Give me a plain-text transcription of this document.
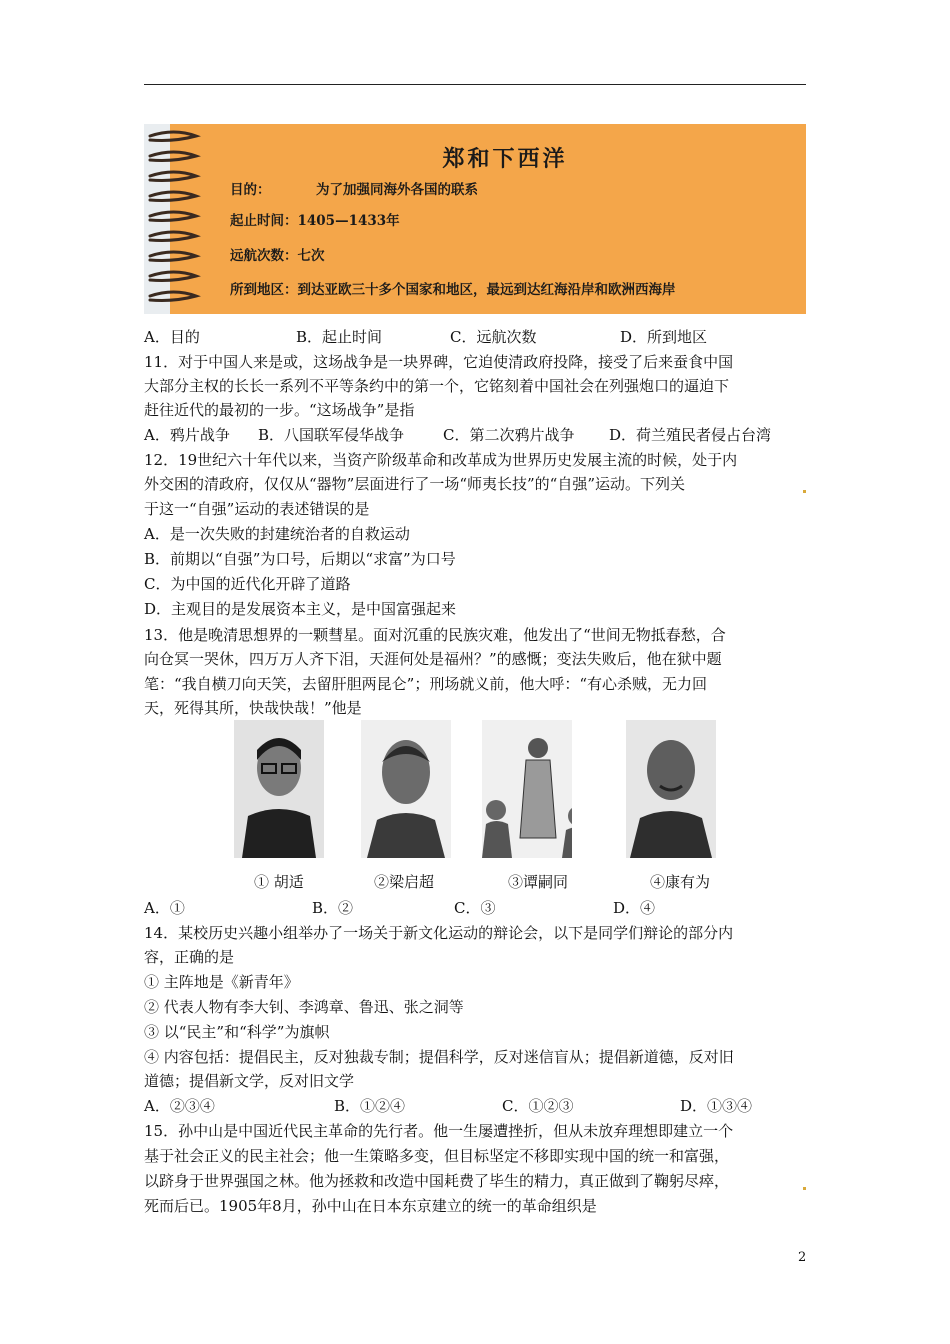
郑和下西洋
目的：	为了加强同海外各国的联系
起止时间：1405—1433年
远航次数：七次
所到地区：到达亚欧三十多个国家和地区，最远到达红海沿岸和欧洲西海岸
A．目的	B．起止时间	C．远航次数	D．所到地区
11．对于中国人来是或，这场战争是一块界碑，它迫使清政府投降，接受了后来蚕食中国
大部分主权的长长一系列不平等条约中的第一个，它铭刻着中国社会在列强炮口的逼迫下
赶往近代的最初的一步。“这场战争”是指
A．鸦片战争 B．八国联军侵华战争	C．第二次鸦片战争 D．荷兰殖民者侵占台湾
12．19世纪六十年代以来，当资产阶级革命和改革成为世界历史发展主流的时候，处于内
外交困的清政府，仅仅从“器物”层面进行了一场“师夷长技”的“自强”运动。下列关
于这一“自强”运动的表述错误的是
A．是一次失败的封建统治者的自救运动
B．前期以“自强”为口号，后期以“求富”为口号
C．为中国的近代化开辟了道路
D．主观目的是发展资本主义，是中国富强起来
13．他是晚清思想界的一颗彗星。面对沉重的民族灾难，他发出了“世间无物抵春愁，合
向仓冥一哭休，四万万人齐下泪，天涯何处是福州？”的感慨；变法失败后，他在狱中题
笔：“我自横刀向天笑，去留肝胆两昆仑”；刑场就义前，他大呼：“有心杀贼，无力回
天，死得其所，快哉快哉！”他是
① 胡适	②梁启超	③谭嗣同	④康有为
A．①	B．②	C．③	D．④
14．某校历史兴趣小组举办了一场关于新文化运动的辩论会，以下是同学们辩论的部分内
容，正确的是
① 主阵地是《新青年》
② 代表人物有李大钊、李鸿章、鲁迅、张之洞等
③ 以“民主”和“科学”为旗帜
④ 内容包括：提倡民主，反对独裁专制；提倡科学，反对迷信盲从；提倡新道德，反对旧
道德；提倡新文学，反对旧文学
A．②③④	B．①②④	C．①②③	D．①③④
15．孙中山是中国近代民主革命的先行者。他一生屡遭挫折，但从未放弃理想即建立一个
基于社会正义的民主社会；他一生策略多变，但目标坚定不移即实现中国的统一和富强，
以跻身于世界强国之林。他为拯救和改造中国耗费了毕生的精力，真正做到了鞠躬尽瘁，
死而后已。1905年8月，孙中山在日本东京建立的统一的革命组织是
2
